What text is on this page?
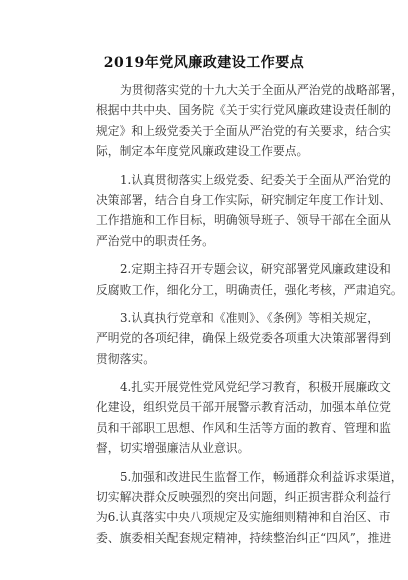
2019年党风廉政建设工作要点
为贯彻落实党的十九大关于全面从严治党的战略部署，
根据中共中央、国务院《关于实行党风廉政建设责任制的
规定》和上级党委关于全面从严治党的有关要求，结合实
际，制定本年度党风廉政建设工作要点。
1.认真贯彻落实上级党委、纪委关于全面从严治党的
决策部署，结合自身工作实际，研究制定年度工作计划、
工作措施和工作目标，明确领导班子、领导干部在全面从
严治党中的职责任务。
2.定期主持召开专题会议，研究部署党风廉政建设和
反腐败工作，细化分工，明确责任，强化考核，严肃追究。
3.认真执行党章和《准则》、《条例》等相关规定，
严明党的各项纪律，确保上级党委各项重大决策部署得到
贯彻落实。
4.扎实开展党性党风党纪学习教育，积极开展廉政文
化建设，组织党员干部开展警示教育活动，加强本单位党
员和干部职工思想、作风和生活等方面的教育、管理和监
督，切实增强廉洁从业意识。
5.加强和改进民生监督工作，畅通群众利益诉求渠道，
切实解决群众反映强烈的突出问题，纠正损害群众利益行
为6.认真落实中央八项规定及实施细则精神和自治区、市
委、旗委相关配套规定精神，持续整治纠正“四风”，推进
